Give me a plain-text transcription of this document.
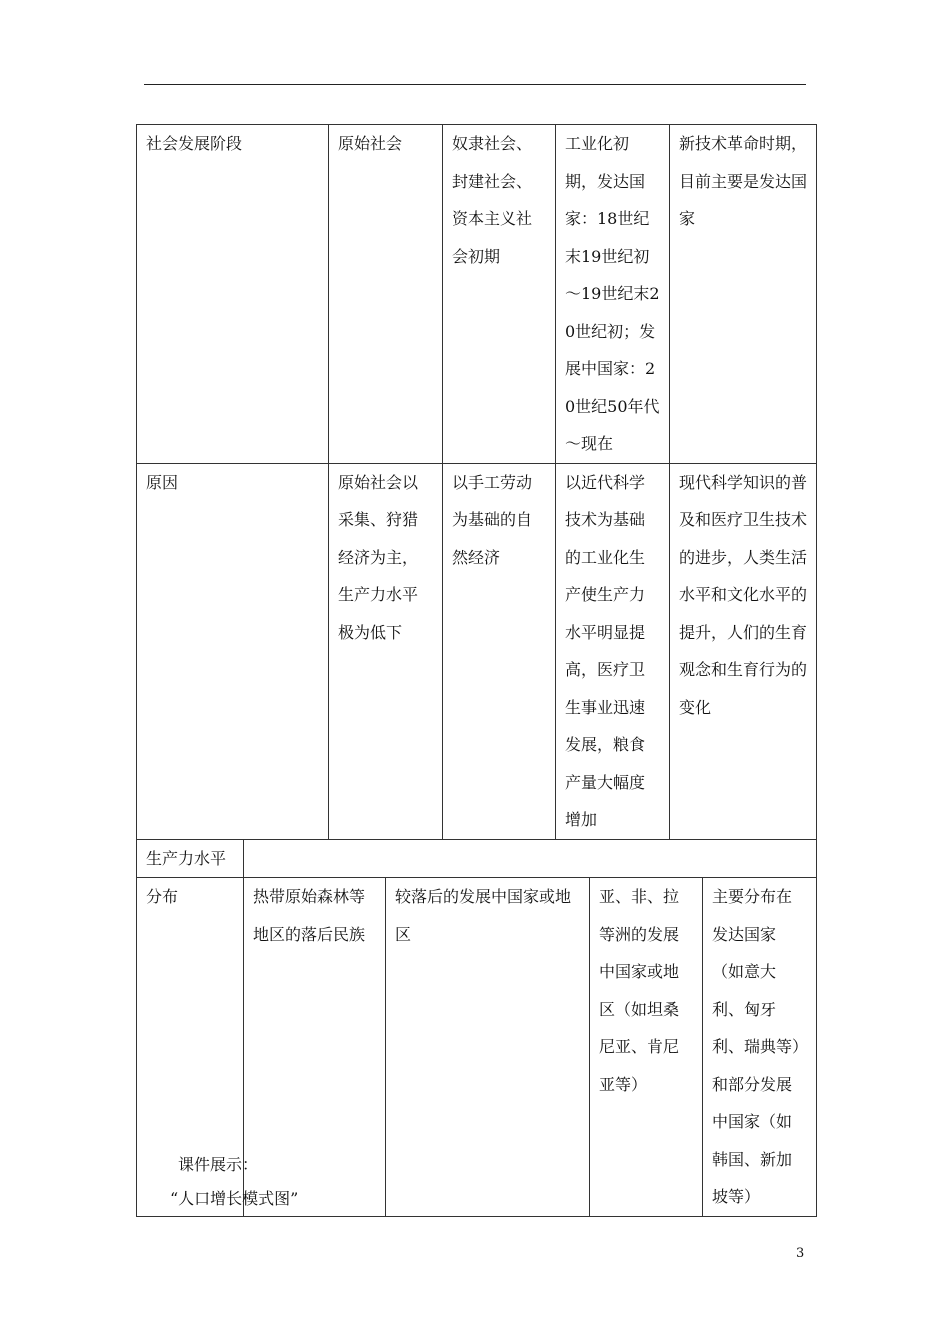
社会发展阶段	原始社会	奴隶社会、封建社会、资本主义社会初期	工业化初期，发达国家：18世纪末19世纪初～19世纪末20世纪初；发展中国家：20世纪50年代～现在	新技术革命时期，目前主要是发达国家

原因	原始社会以采集、狩猎经济为主，生产力水平极为低下	以手工劳动为基础的自然经济	以近代科学技术为基础的工业化生产使生产力水平明显提高，医疗卫生事业迅速发展，粮食产量大幅度增加	现代科学知识的普及和医疗卫生技术的进步，人类生活水平和文化水平的提升，人们的生育观念和生育行为的变化
生产力水平				

分布	热带原始森林等地区的落后民族	较落后的发展中国家或地区	亚、非、拉等洲的发展中国家或地区（如坦桑尼亚、肯尼亚等）	主要分布在发达国家（如意大利、匈牙利、瑞典等）和部分发展中国家（如韩国、新加坡等）
课件展示：
“人口增长模式图”
3
